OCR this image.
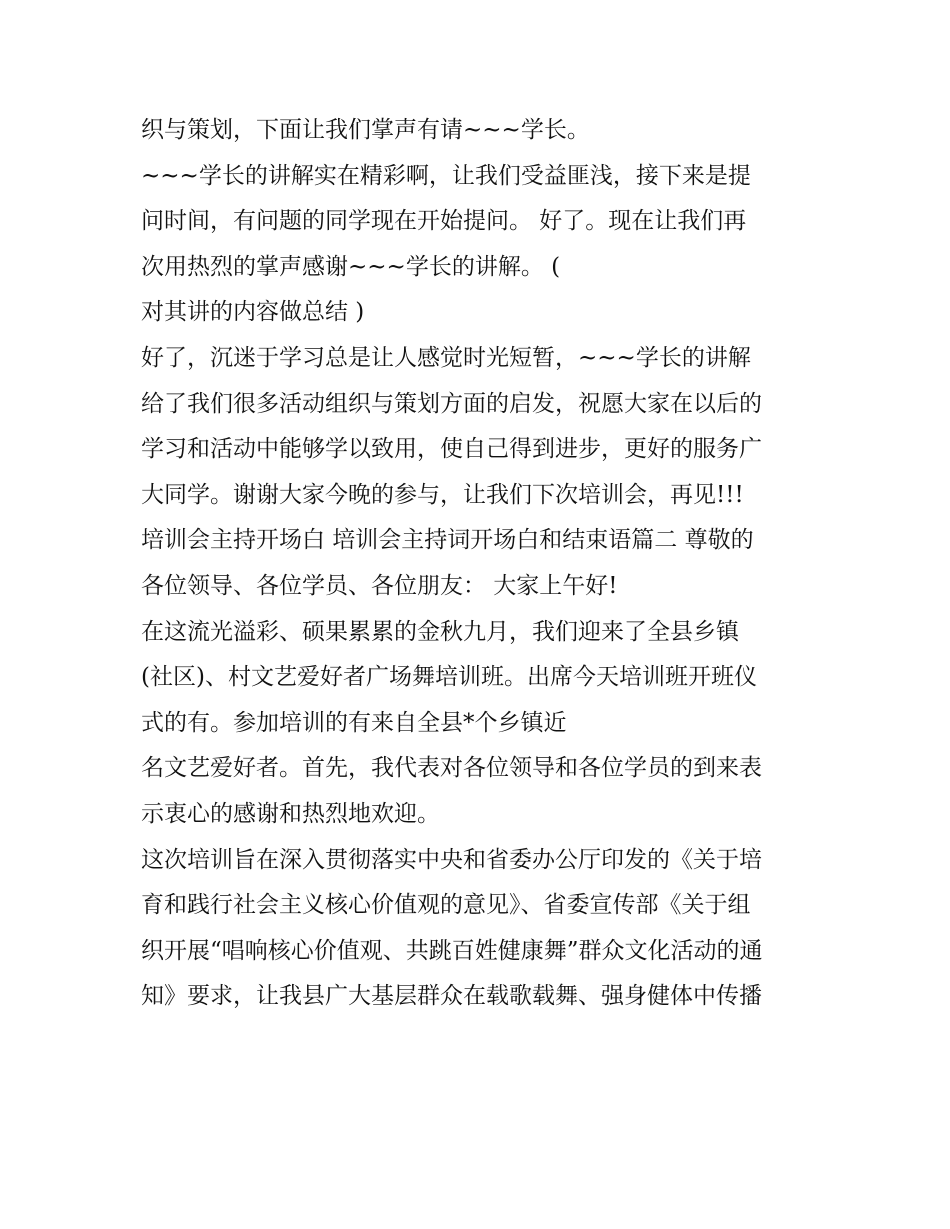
织与策划，下面让我们掌声有请~~~学长。
~~~学长的讲解实在精彩啊，让我们受益匪浅，接下来是提
问时间，有问题的同学现在开始提问。 好了。现在让我们再
次用热烈的掌声感谢~~~学长的讲解。 (
对其讲的内容做总结 )
好了，沉迷于学习总是让人感觉时光短暂，~~~学长的讲解
给了我们很多活动组织与策划方面的启发，祝愿大家在以后的
学习和活动中能够学以致用，使自己得到进步，更好的服务广
大同学。谢谢大家今晚的参与，让我们下次培训会，再见!!!
培训会主持开场白 培训会主持词开场白和结束语篇二 尊敬的
各位领导、各位学员、各位朋友： 大家上午好!
在这流光溢彩、硕果累累的金秋九月，我们迎来了全县乡镇
(社区)、村文艺爱好者广场舞培训班。出席今天培训班开班仪
式的有。参加培训的有来自全县*个乡镇近
名文艺爱好者。首先，我代表对各位领导和各位学员的到来表
示衷心的感谢和热烈地欢迎。
这次培训旨在深入贯彻落实中央和省委办公厅印发的《关于培
育和践行社会主义核心价值观的意见》、省委宣传部《关于组
织开展“唱响核心价值观、共跳百姓健康舞”群众文化活动的通
知》要求，让我县广大基层群众在载歌载舞、强身健体中传播
